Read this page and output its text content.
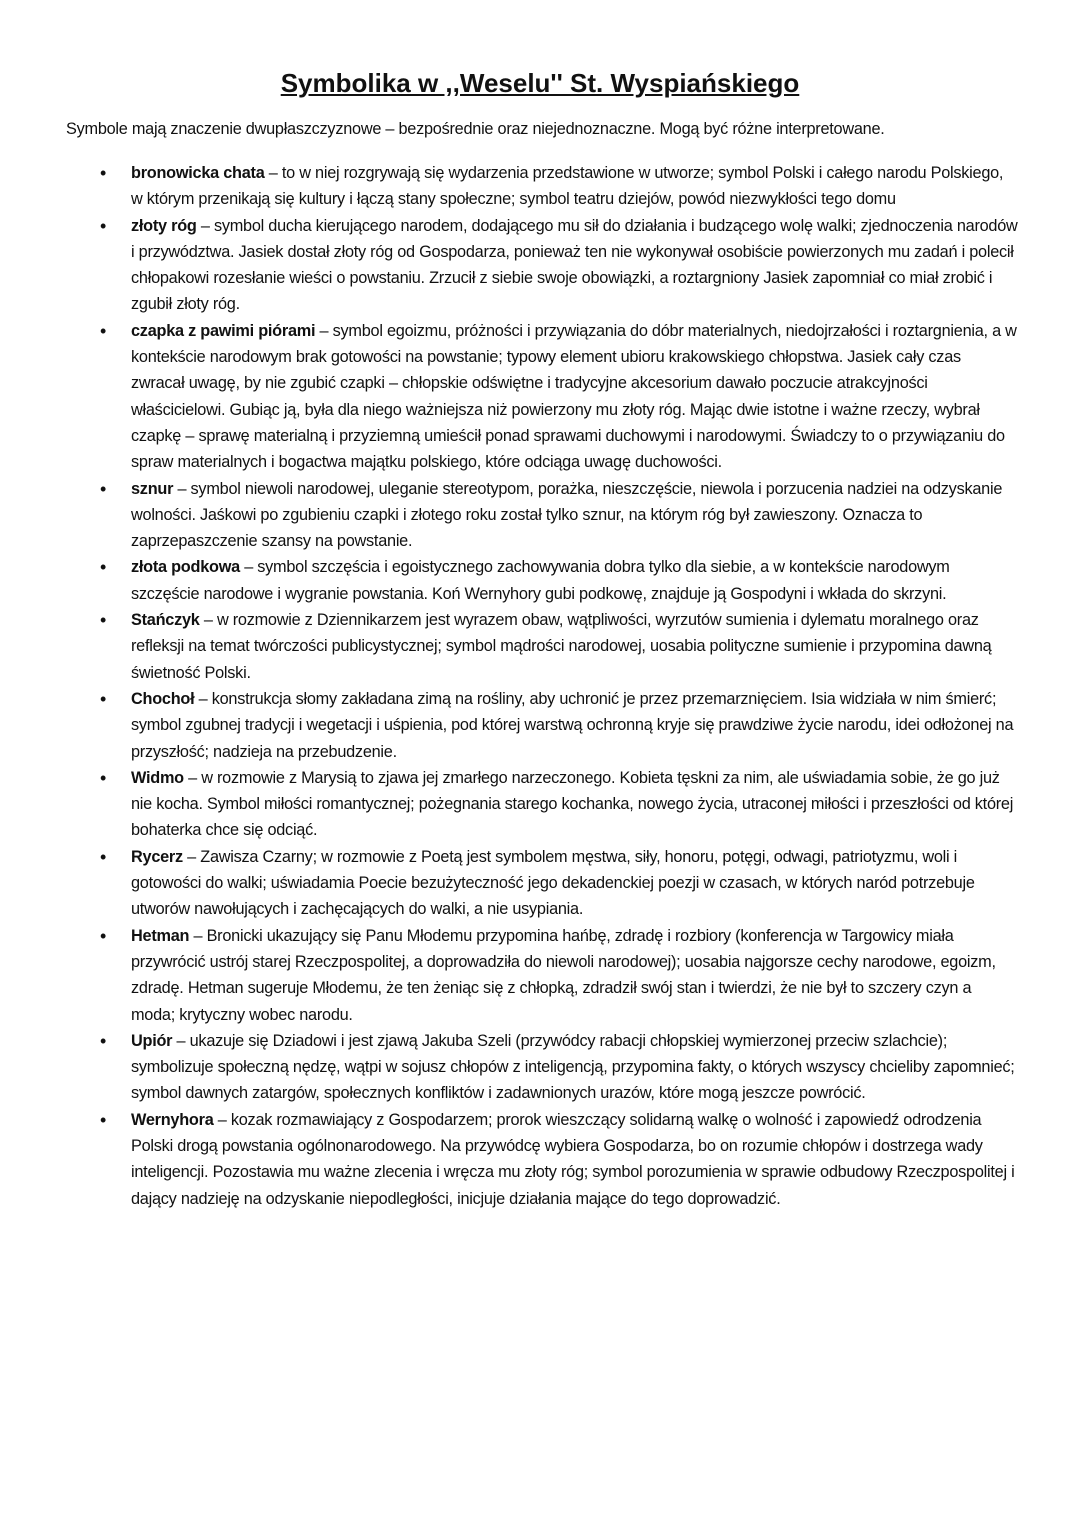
Symbolika w ,,Weselu'' St. Wyspiańskiego

Symbole mają znaczenie dwupłaszczyznowe – bezpośrednie oraz niejednoznaczne. Mogą być różne interpretowane.

• bronowicka chata – to w niej rozgrywają się wydarzenia przedstawione w utworze; symbol Polski i całego narodu Polskiego, w którym przenikają się kultury i łączą stany społeczne; symbol teatru dziejów, powód niezwykłości tego domu
• złoty róg – symbol ducha kierującego narodem, dodającego mu sił do działania i budzącego wolę walki; zjednoczenia narodów i przywództwa. Jasiek dostał złoty róg od Gospodarza, ponieważ ten nie wykonywał osobiście powierzonych mu zadań i polecił chłopakowi rozesłanie wieści o powstaniu. Zrzucił z siebie swoje obowiązki, a roztargniony Jasiek zapomniał co miał zrobić i zgubił złoty róg.
• czapka z pawimi piórami – symbol egoizmu, próżności i przywiązania do dóbr materialnych, niedojrzałości i roztargnienia, a w kontekście narodowym brak gotowości na powstanie; typowy element ubioru krakowskiego chłopstwa. Jasiek cały czas zwracał uwagę, by nie zgubić czapki – chłopskie odświętne i tradycyjne akcesorium dawało poczucie atrakcyjności właścicielowi. Gubiąc ją, była dla niego ważniejsza niż powierzony mu złoty róg. Mając dwie istotne i ważne rzeczy, wybrał czapkę – sprawę materialną i przyziemną umieścił ponad sprawami duchowymi i narodowymi. Świadczy to o przywiązaniu do spraw materialnych i bogactwa majątku polskiego, które odciąga uwagę duchowości.
• sznur – symbol niewoli narodowej, uleganie stereotypom, porażka, nieszczęście, niewola i porzucenia nadziei na odzyskanie wolności. Jaśkowi po zgubieniu czapki i złotego roku został tylko sznur, na którym róg był zawieszony. Oznacza to zaprzepaszczenie szansy na powstanie.
• złota podkowa – symbol szczęścia i egoistycznego zachowywania dobra tylko dla siebie, a w kontekście narodowym szczęście narodowe i wygranie powstania. Koń Wernyhory gubi podkowę, znajduje ją Gospodyni i wkłada do skrzyni.
• Stańczyk – w rozmowie z Dziennikarzem jest wyrazem obaw, wątpliwości, wyrzutów sumienia i dylematu moralnego oraz refleksji na temat twórczości publicystycznej; symbol mądrości narodowej, uosabia polityczne sumienie i przypomina dawną świetność Polski.
• Chochoł – konstrukcja słomy zakładana zimą na rośliny, aby uchronić je przez przemarznięciem. Isia widziała w nim śmierć; symbol zgubnej tradycji i wegetacji i uśpienia, pod której warstwą ochronną kryje się prawdziwe życie narodu, idei odłożonej na przyszłość; nadzieja na przebudzenie.
• Widmo – w rozmowie z Marysią to zjawa jej zmarłego narzeczonego. Kobieta tęskni za nim, ale uświadamia sobie, że go już nie kocha. Symbol miłości romantycznej; pożegnania starego kochanka, nowego życia, utraconej miłości i przeszłości od której bohaterka chce się odciąć.
• Rycerz – Zawisza Czarny; w rozmowie z Poetą jest symbolem męstwa, siły, honoru, potęgi, odwagi, patriotyzmu, woli i gotowości do walki; uświadamia Poecie bezużyteczność jego dekadenckiej poezji w czasach, w których naród potrzebuje utworów nawołujących i zachęcających do walki, a nie usypiania.
• Hetman – Bronicki ukazujący się Panu Młodemu przypomina hańbę, zdradę i rozbiory (konferencja w Targowicy miała przywrócić ustrój starej Rzeczpospolitej, a doprowadziła do niewoli narodowej); uosabia najgorsze cechy narodowe, egoizm, zdradę. Hetman sugeruje Młodemu, że ten żeniąc się z chłopką, zdradził swój stan i twierdzi, że nie był to szczery czyn a moda; krytyczny wobec narodu.
• Upiór – ukazuje się Dziadowi i jest zjawą Jakuba Szeli (przywódcy rabacji chłopskiej wymierzonej przeciw szlachcie); symbolizuje społeczną nędzę, wątpi w sojusz chłopów z inteligencją, przypomina fakty, o których wszyscy chcieliby zapomnieć; symbol dawnych zatargów, społecznych konfliktów i zadawnionych urazów, które mogą jeszcze powrócić.
• Wernyhora – kozak rozmawiający z Gospodarzem; prorok wieszczący solidarną walkę o wolność i zapowiedź odrodzenia Polski drogą powstania ogólnonarodowego. Na przywódcę wybiera Gospodarza, bo on rozumie chłopów i dostrzega wady inteligencji. Pozostawia mu ważne zlecenia i wręcza mu złoty róg; symbol porozumienia w sprawie odbudowy Rzeczpospolitej i dający nadzieję na odzyskanie niepodległości, inicjuje działania mające do tego doprowadzić.
